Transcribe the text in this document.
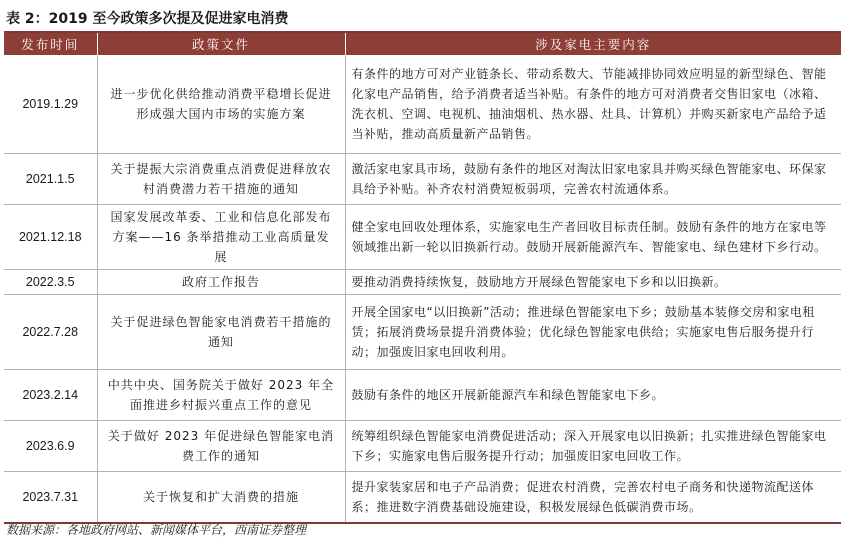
表 2：2019 至今政策多次提及促进家电消费
发布时间	政策文件	涉及家电主要内容
2019.1.29	进一步优化供给推动消费平稳增长促进形成强大国内市场的实施方案	有条件的地方可对产业链条长、带动系数大、节能减排协同效应明显的新型绿色、智能化家电产品销售，给予消费者适当补贴。有条件的地方可对消费者交售旧家电（冰箱、洗衣机、空调、电视机、抽油烟机、热水器、灶具、计算机）并购买新家电产品给予适当补贴，推动高质量新产品销售。
2021.1.5	关于提振大宗消费重点消费促进释放农村消费潜力若干措施的通知	激活家电家具市场，鼓励有条件的地区对淘汰旧家电家具并购买绿色智能家电、环保家具给予补贴。补齐农村消费短板弱项，完善农村流通体系。
2021.12.18	国家发展改革委、工业和信息化部发布方案——16 条举措推动工业高质量发展	健全家电回收处理体系，实施家电生产者回收目标责任制。鼓励有条件的地方在家电等领域推出新一轮以旧换新行动。鼓励开展新能源汽车、智能家电、绿色建材下乡行动。
2022.3.5	政府工作报告	要推动消费持续恢复，鼓励地方开展绿色智能家电下乡和以旧换新。
2022.7.28	关于促进绿色智能家电消费若干措施的通知	开展全国家电“以旧换新”活动；推进绿色智能家电下乡；鼓励基本装修交房和家电租赁；拓展消费场景提升消费体验；优化绿色智能家电供给；实施家电售后服务提升行动；加强废旧家电回收利用。
2023.2.14	中共中央、国务院关于做好 2023 年全面推进乡村振兴重点工作的意见	鼓励有条件的地区开展新能源汽车和绿色智能家电下乡。
2023.6.9	关于做好 2023 年促进绿色智能家电消费工作的通知	统筹组织绿色智能家电消费促进活动；深入开展家电以旧换新；扎实推进绿色智能家电下乡；实施家电售后服务提升行动；加强废旧家电回收工作。
2023.7.31	关于恢复和扩大消费的措施	提升家装家居和电子产品消费；促进农村消费，完善农村电子商务和快递物流配送体系；推进数字消费基础设施建设，积极发展绿色低碳消费市场。
数据来源：各地政府网站、新闻媒体平台，西南证券整理
